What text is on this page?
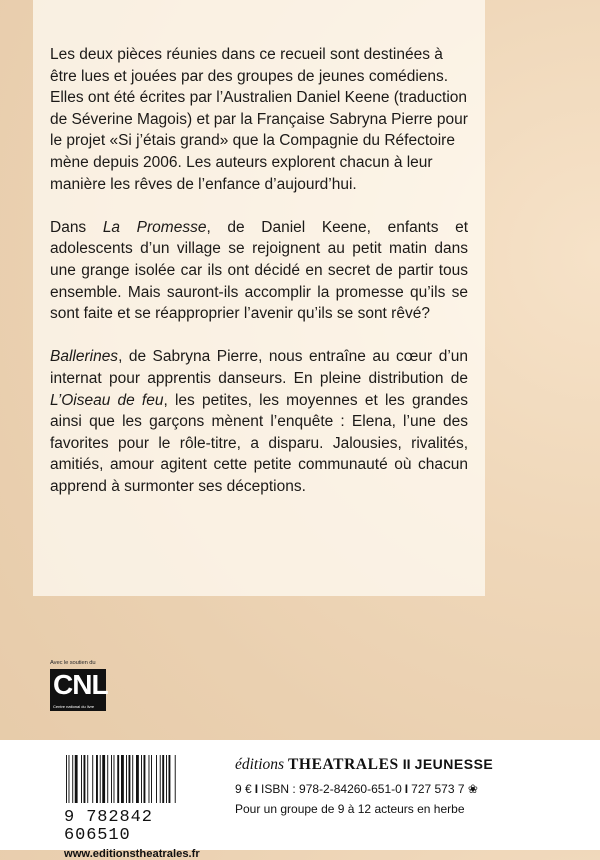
Les deux pièces réunies dans ce recueil sont destinées à être lues et jouées par des groupes de jeunes comédiens. Elles ont été écrites par l’Australien Daniel Keene (traduction de Séverine Magois) et par la Française Sabryna Pierre pour le projet «Si j’étais grand» que la Compagnie du Réfectoire mène depuis 2006. Les auteurs explorent chacun à leur manière les rêves de l’enfance d’aujourd’hui.

Dans La Promesse, de Daniel Keene, enfants et adolescents d’un village se rejoignent au petit matin dans une grange isolée car ils ont décidé en secret de partir tous ensemble. Mais sauront-ils accomplir la promesse qu’ils se sont faite et se réapproprier l’avenir qu’ils se sont rêvé?

Ballerines, de Sabryna Pierre, nous entraîne au cœur d’un internat pour apprentis danseurs. En pleine distribution de L’Oiseau de feu, les petites, les moyennes et les grandes ainsi que les garçons mènent l’enquête : Elena, l’une des favorites pour le rôle-titre, a disparu. Jalousies, rivalités, amitiés, amour agitent cette petite communauté où chacun apprend à surmonter ses déceptions.

Avec le soutien du
CNL
Centre national du livre
9 782842 606510
www.editionstheatrales.fr
éditions THEATRALES II JEUNESSE
9 € I ISBN : 978-2-84260-651-0 I 727 573 7 ❀
Pour un groupe de 9 à 12 acteurs en herbe
